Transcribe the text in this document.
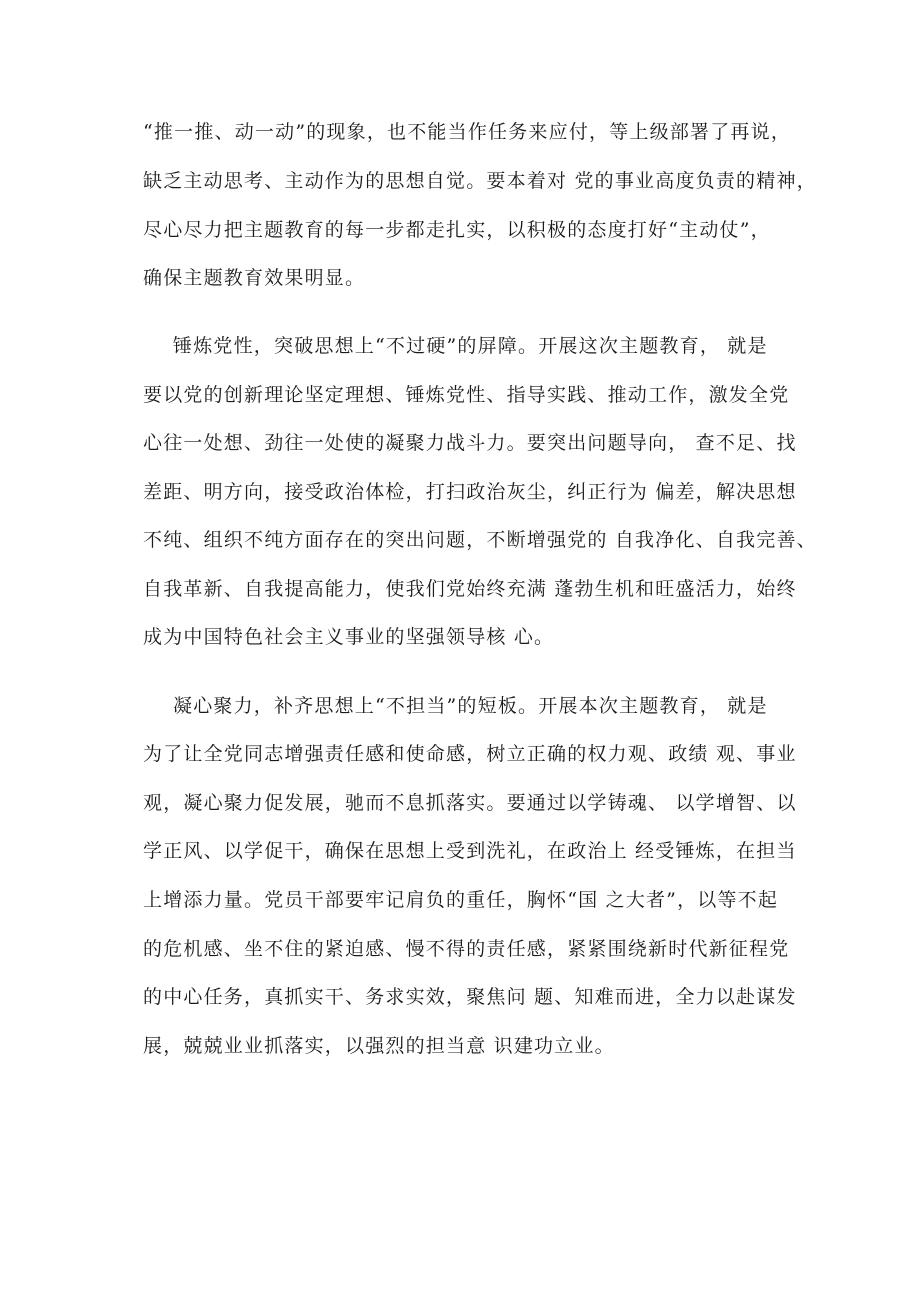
“推一推、动一动”的现象，也不能当作任务来应付，等上级部署了再说，
缺乏主动思考、主动作为的思想自觉。要本着对 党的事业高度负责的精神，
尽心尽力把主题教育的每一步都走扎实，以积极的态度打好“主动仗”，
确保主题教育效果明显。
锤炼党性，突破思想上“不过硬”的屏障。开展这次主题教育， 就是
要以党的创新理论坚定理想、锤炼党性、指导实践、推动工作，激发全党
心往一处想、劲往一处使的凝聚力战斗力。要突出问题导向， 查不足、找
差距、明方向，接受政治体检，打扫政治灰尘，纠正行为 偏差，解决思想
不纯、组织不纯方面存在的突出问题，不断增强党的 自我净化、自我完善、
自我革新、自我提高能力，使我们党始终充满 蓬勃生机和旺盛活力，始终
成为中国特色社会主义事业的坚强领导核 心。
凝心聚力，补齐思想上“不担当”的短板。开展本次主题教育， 就是
为了让全党同志增强责任感和使命感，树立正确的权力观、政绩 观、事业
观，凝心聚力促发展，驰而不息抓落实。要通过以学铸魂、 以学增智、以
学正风、以学促干，确保在思想上受到洗礼，在政治上 经受锤炼，在担当
上增添力量。党员干部要牢记肩负的重任，胸怀“国 之大者”，以等不起
的危机感、坐不住的紧迫感、慢不得的责任感，紧紧围绕新时代新征程党
的中心任务，真抓实干、务求实效，聚焦问 题、知难而进，全力以赴谋发
展，兢兢业业抓落实，以强烈的担当意 识建功立业。
